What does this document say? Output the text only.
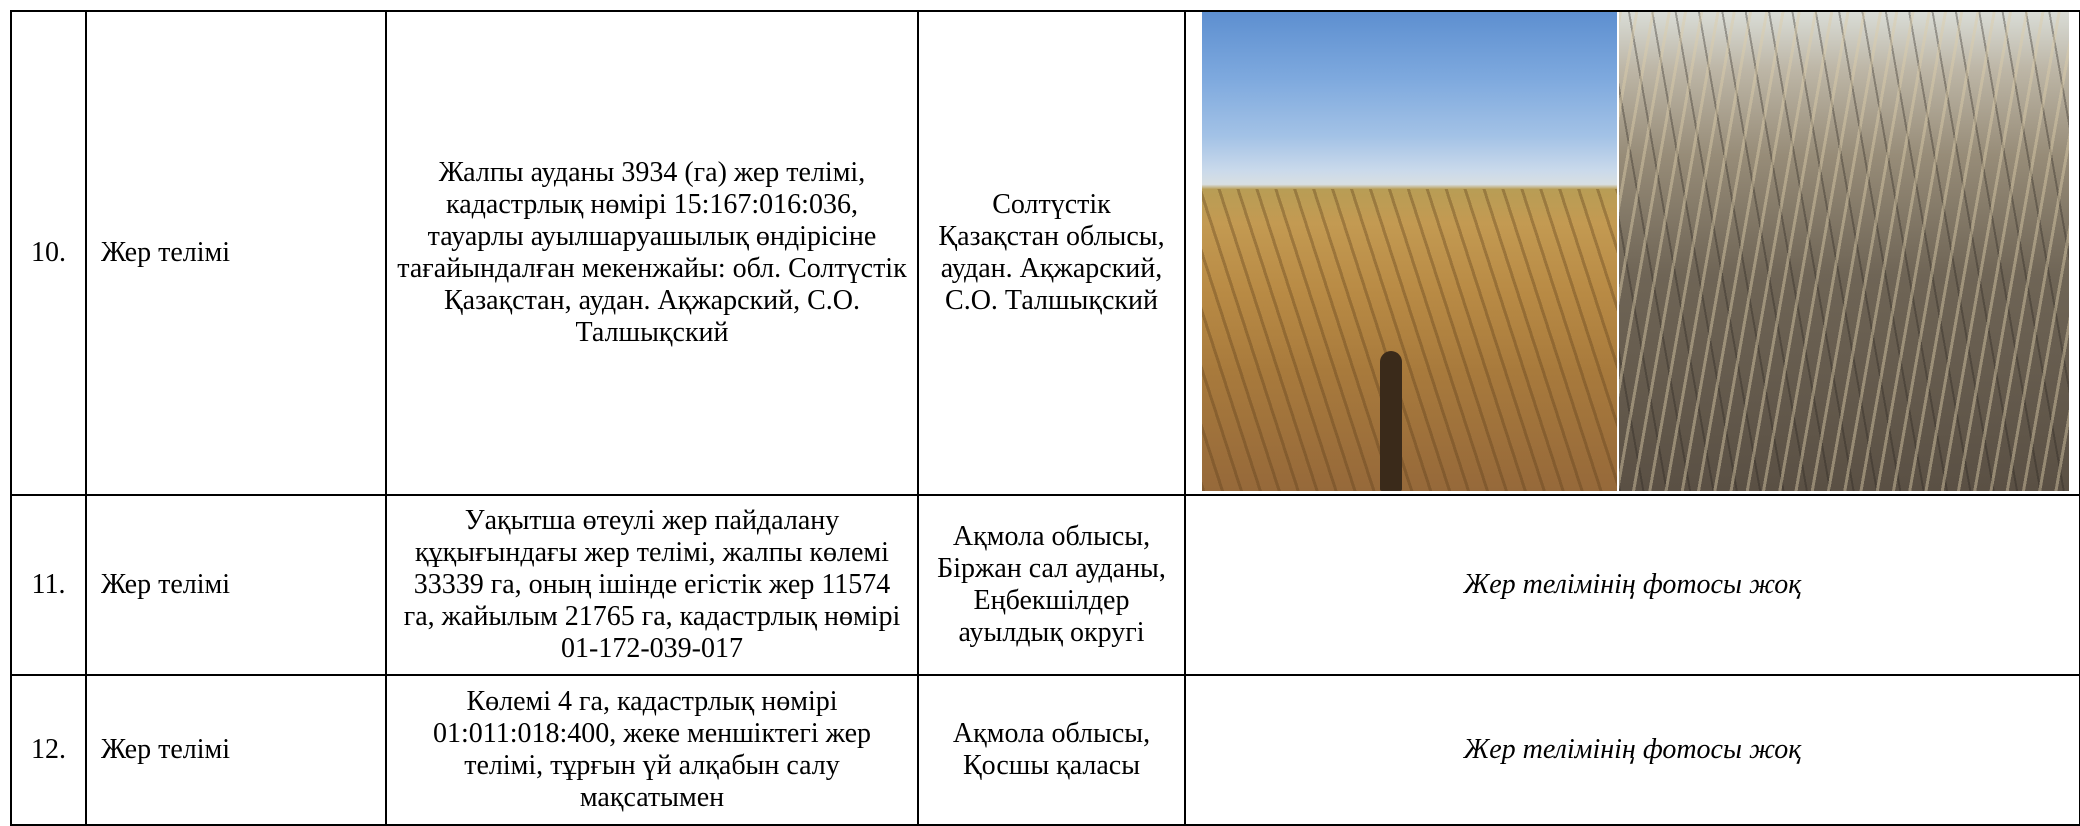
10.	Жер телімі	Жалпы ауданы 3934 (га) жер телімі, кадастрлық нөмірі 15:167:016:036, тауарлы ауылшаруашылық өндірісіне тағайындалған мекенжайы: обл. Солтүстік Қазақстан, аудан. Ақжарский, С.О. Талшықский	Солтүстік Қазақстан облысы, аудан. Ақжарский, С.О. Талшықский	

11.	Жер телімі	Уақытша өтеулі жер пайдалану құқығындағы жер телімі, жалпы көлемі 33339 га, оның ішінде егістік жер 11574 га, жайылым 21765 га, кадастрлық нөмірі 01-172-039-017	Ақмола облысы, Біржан сал ауданы, Еңбекшілдер ауылдық округі	Жер телімінің фотосы жоқ
12.	Жер телімі	Көлемі 4 га, кадастрлық нөмірі 01:011:018:400, жеке меншіктегі жер телімі, тұрғын үй алқабын салу мақсатымен	Ақмола облысы, Қосшы қаласы	Жер телімінің фотосы жоқ
